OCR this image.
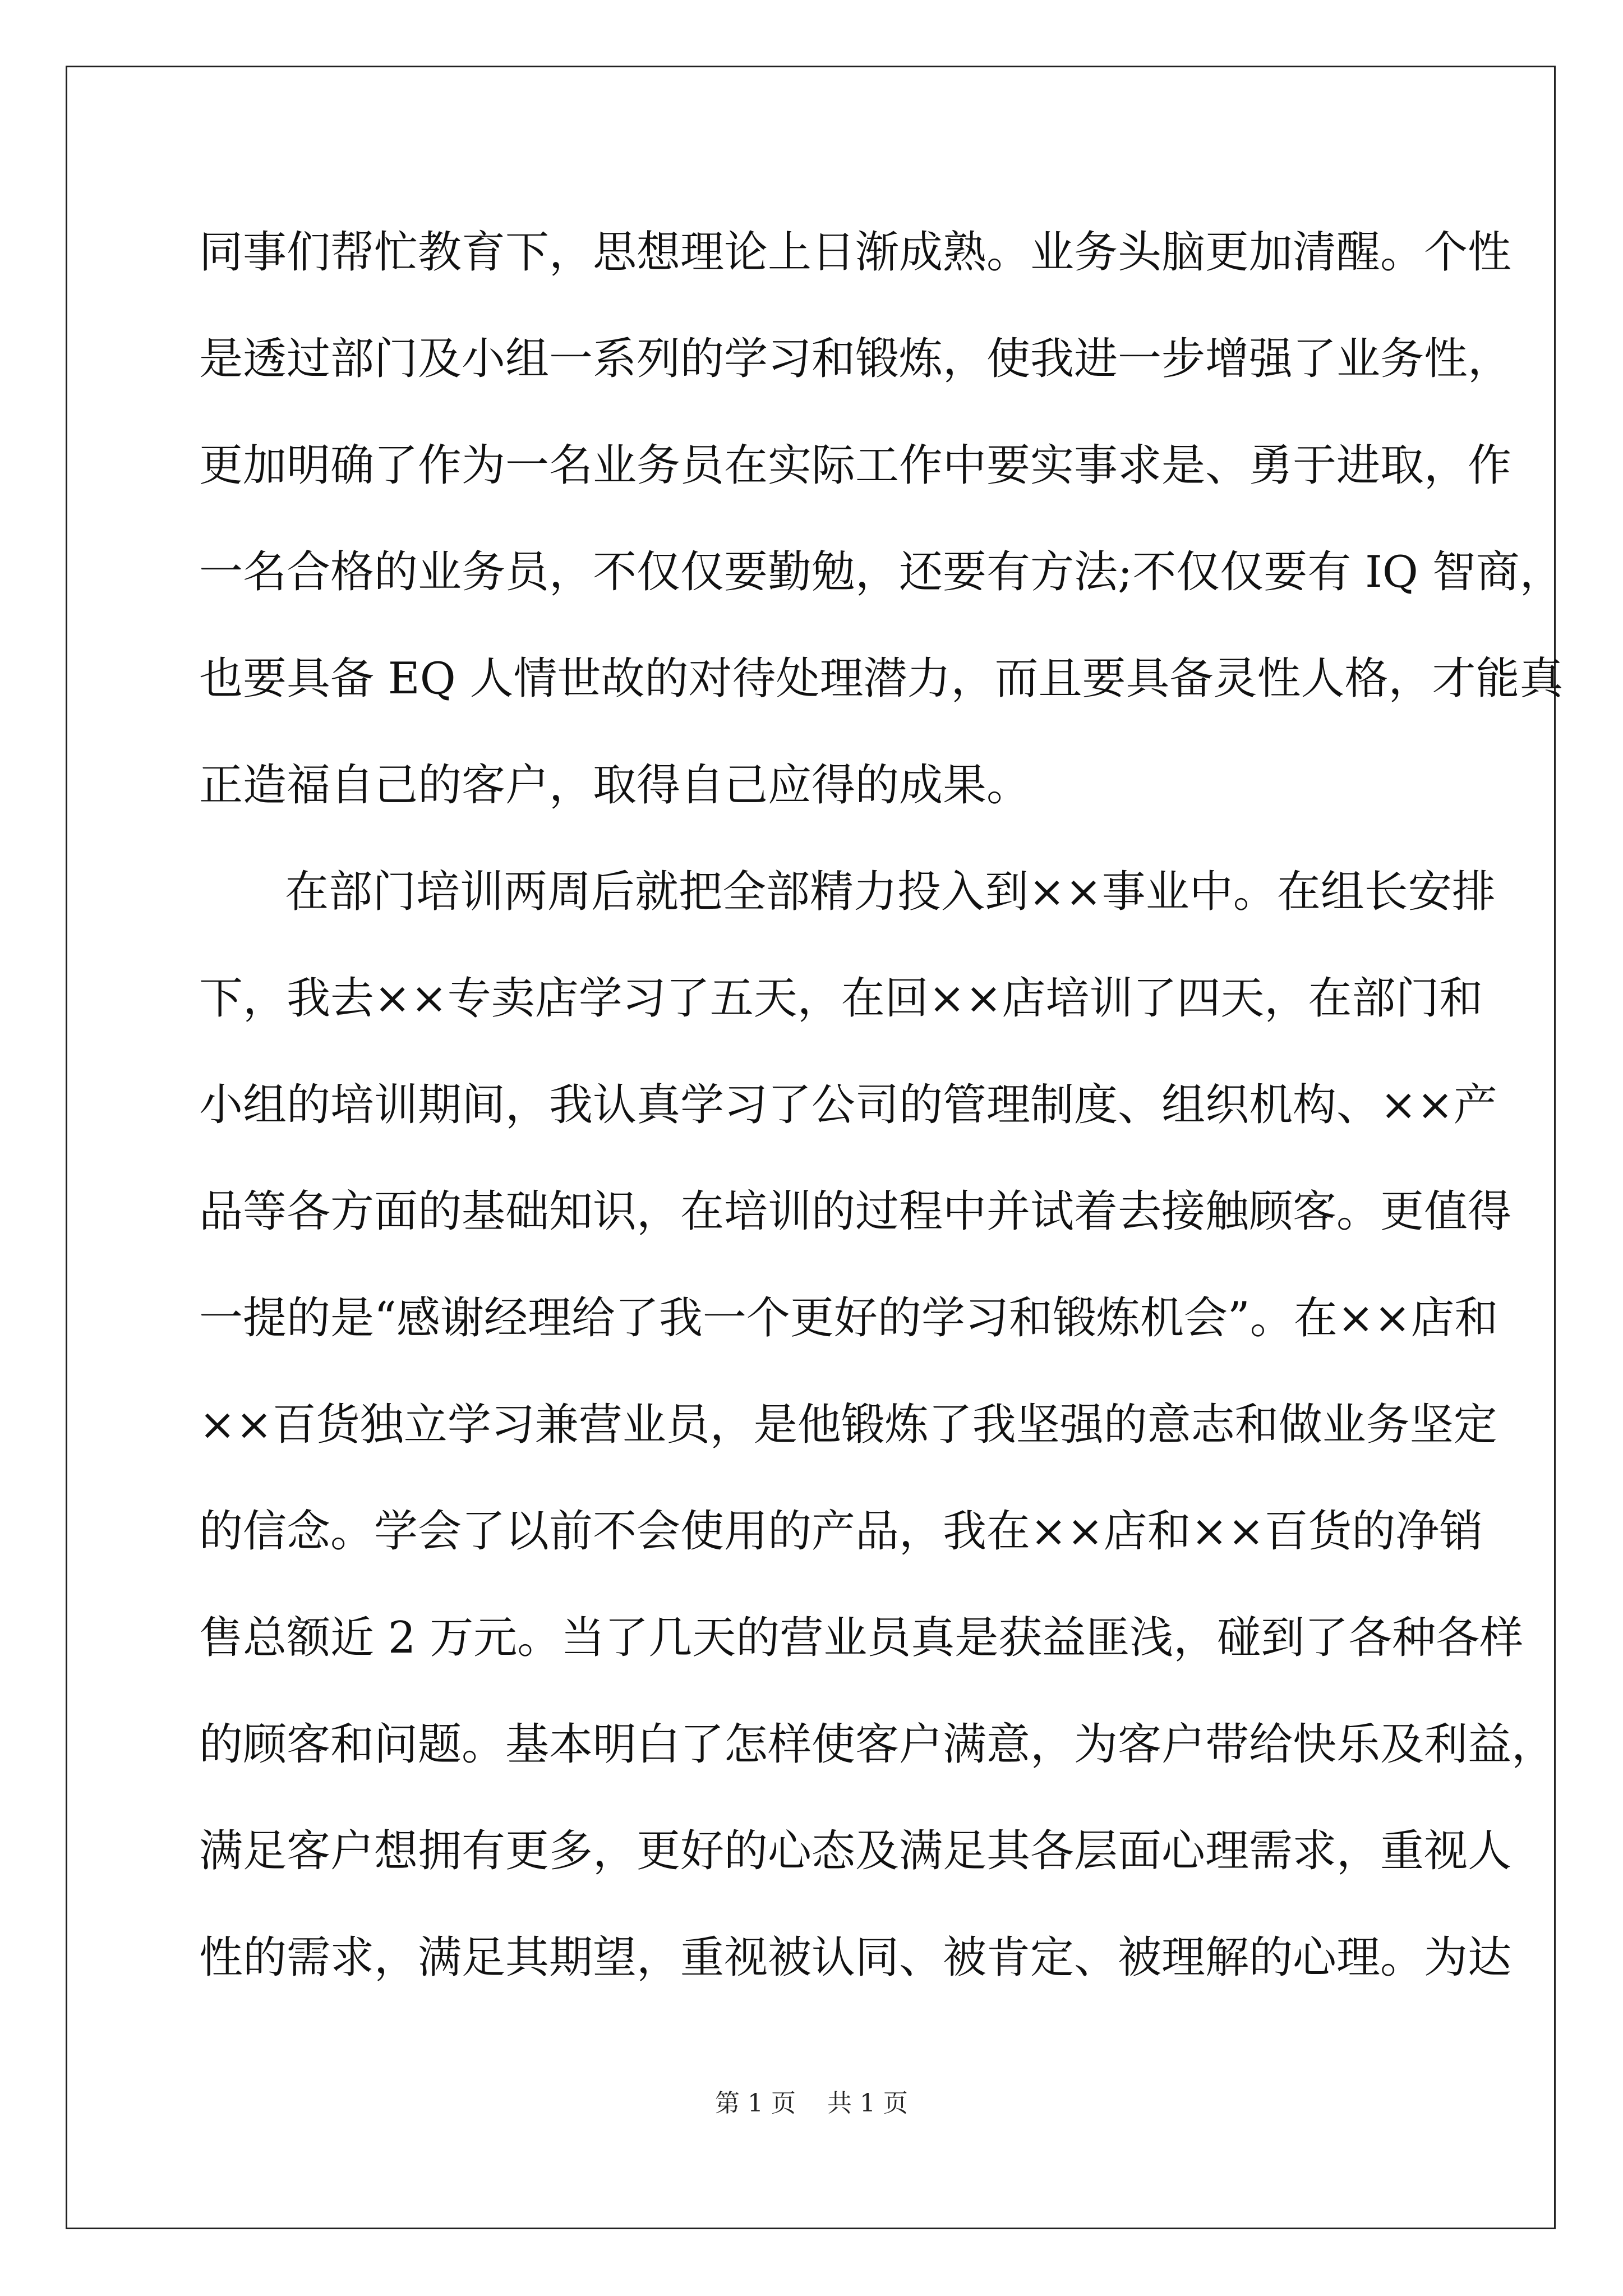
同事们帮忙教育下，思想理论上日渐成熟。业务头脑更加清醒。个性
是透过部门及小组一系列的学习和锻炼，使我进一步增强了业务性，
更加明确了作为一名业务员在实际工作中要实事求是、勇于进取，作
一名合格的业务员，不仅仅要勤勉，还要有方法;不仅仅要有 IQ 智商，
也要具备 EQ 人情世故的对待处理潜力，而且要具备灵性人格，才能真
正造福自己的客户，取得自己应得的成果。
在部门培训两周后就把全部精力投入到××事业中。在组长安排
下，我去××专卖店学习了五天，在回××店培训了四天，在部门和
小组的培训期间，我认真学习了公司的管理制度、组织机构、××产
品等各方面的基础知识，在培训的过程中并试着去接触顾客。更值得
一提的是“感谢经理给了我一个更好的学习和锻炼机会”。在××店和
××百货独立学习兼营业员，是他锻炼了我坚强的意志和做业务坚定
的信念。学会了以前不会使用的产品，我在××店和××百货的净销
售总额近 2 万元。当了几天的营业员真是获益匪浅，碰到了各种各样
的顾客和问题。基本明白了怎样使客户满意，为客户带给快乐及利益，
满足客户想拥有更多，更好的心态及满足其各层面心理需求，重视人
性的需求，满足其期望，重视被认同、被肯定、被理解的心理。为达
第 1 页    共 1 页
